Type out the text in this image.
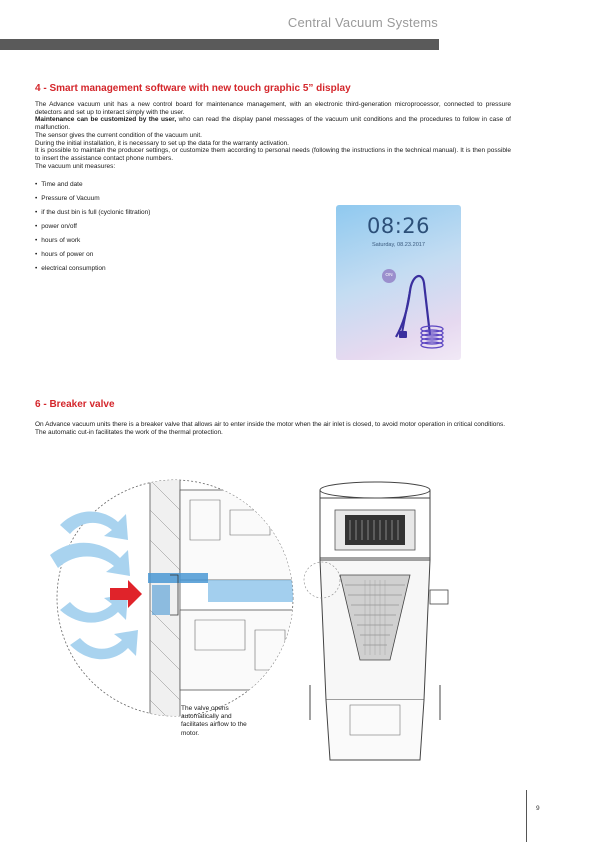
Central Vacuum Systems
4 - Smart management software with new touch graphic 5” display

The Advance vacuum unit has a new control board for maintenance management, with an electronic third-generation microprocessor, connected to pressure detectors and set up to interact simply with the user.

Maintenance can be customized by the user, who can read the display panel messages of the vacuum unit conditions and the procedures to follow in case of malfunction.

The sensor gives the current condition of the vacuum unit.

During the initial installation, it is necessary to set up the data for the warranty activation.

It is possible to maintain the producer settings, or customize them according to personal needs (following the instructions in the technical manual). It is then possible to insert the assistance contact phone numbers.

The vacuum unit measures:

• Time and date
• Pressure of Vacuum
• if the dust bin is full (cyclonic filtration)
• power on/off
• hours of work
• hours of power on
• electrical consumption
08:26
Saturday, 08.23.2017
ON
6 - Breaker valve

On Advance vacuum units there is a breaker valve that allows air to enter inside the motor when the air inlet is closed, to avoid motor operation in critical conditions.

The automatic cut-in facilitates the work of the thermal protection.

The valve opens automatically and facilitates airflow to the motor.
9
